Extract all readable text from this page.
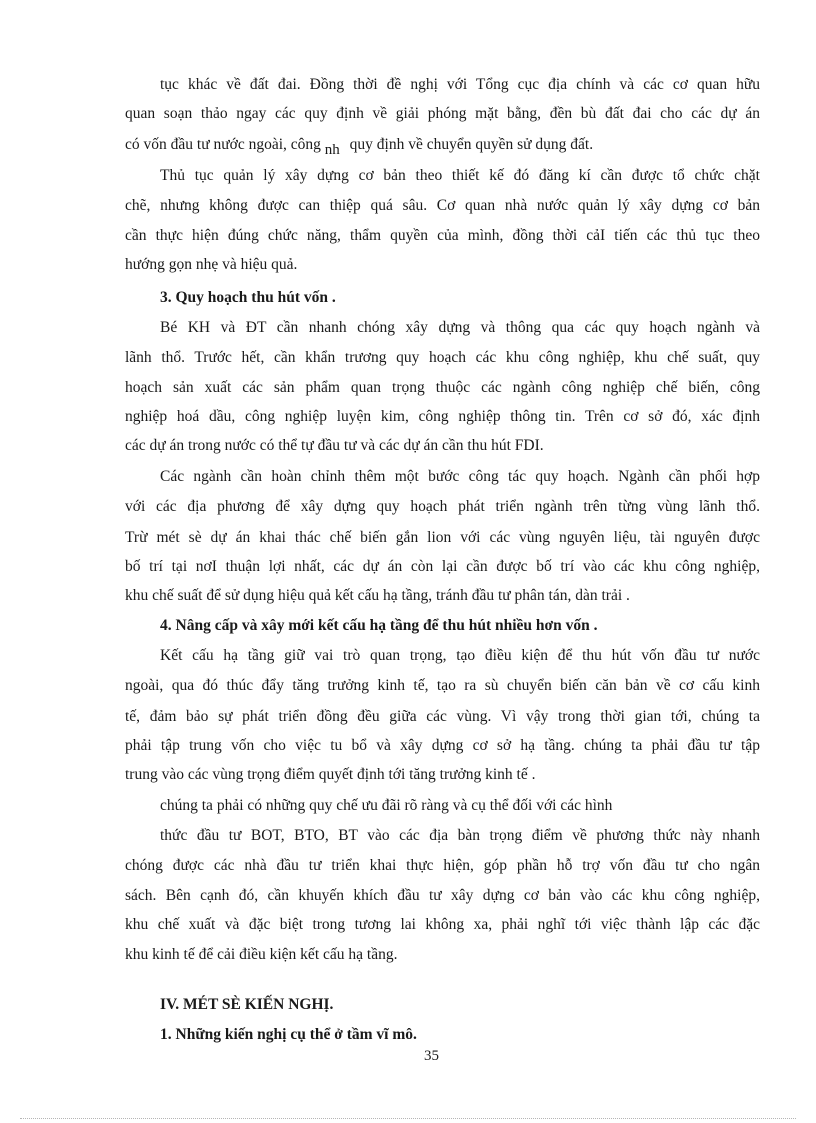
tục khác về đất đai. Đồng thời đề nghị với Tổng cục địa chính và các cơ quan hữu
quan soạn thảo ngay các quy định về giải phóng mặt bằng, đền bù đất đai cho các dự án
có vốn đầu tư nước ngoài, công nh quy định về chuyển quyền sử dụng đất.
Thủ tục quản lý xây dựng cơ bản theo thiết kế đó đăng kí cần được tổ chức chặt
chẽ, nhưng không được can thiệp quá sâu. Cơ quan nhà nước quản lý xây dựng cơ bản
cần thực hiện đúng chức năng, thẩm quyền của mình, đồng thời cảI tiến các thủ tục theo
hướng gọn nhẹ và hiệu quả.
3. Quy hoạch thu hút vốn .
Bé KH và ĐT cần nhanh chóng xây dựng và thông qua các quy hoạch ngành và
lãnh thổ. Trước hết, cần khẩn trương quy hoạch các khu công nghiệp, khu chế suất, quy
hoạch sản xuất các sản phẩm quan trọng thuộc các ngành công nghiệp chế biến, công
nghiệp hoá dầu, công nghiệp luyện kim, công nghiệp thông tin. Trên cơ sở đó, xác định
các dự án trong nước có thể tự đầu tư và các dự án cần thu hút FDI.
Các ngành cần hoàn chỉnh thêm một bước công tác quy hoạch. Ngành cần phối hợp
với các địa phương để xây dựng quy hoạch phát triển ngành trên từng vùng lãnh thổ.
Trừ mét sè dự án khai thác chế biến gắn lion với các vùng nguyên liệu, tài nguyên được
bố trí tại nơI thuận lợi nhất, các dự án còn lại cần được bố trí vào các khu công nghiệp,
khu chế suất để sử dụng hiệu quả kết cấu hạ tầng, tránh đầu tư phân tán, dàn trải .
4. Nâng cấp và xây mới kết cấu hạ tầng để thu hút nhiều hơn vốn .
Kết cấu hạ tầng giữ vai trò quan trọng, tạo điều kiện để thu hút vốn đầu tư nước
ngoài, qua đó thúc đẩy tăng trưởng kinh tế, tạo ra sù chuyển biến căn bản về cơ cấu kinh
tế, đảm bảo sự phát triển đồng đều giữa các vùng. Vì vậy trong thời gian tới, chúng ta
phải tập trung vốn cho việc tu bổ và xây dựng cơ sở hạ tầng. chúng ta phải đầu tư tập
trung vào các vùng trọng điểm quyết định tới tăng trưởng kinh tế .
chúng ta phải có những quy chế ưu đãi rõ ràng và cụ thể đối với các hình
thức đầu tư BOT, BTO, BT vào các địa bàn trọng điểm về phương thức này nhanh
chóng được các nhà đầu tư triển khai thực hiện, góp phần hỗ trợ vốn đầu tư cho ngân
sách. Bên cạnh đó, cần khuyến khích đầu tư xây dựng cơ bản vào các khu công nghiệp,
khu chế xuất và đặc biệt trong tương lai không xa, phải nghĩ tới việc thành lập các đặc
khu kinh tế để cải điều kiện kết cấu hạ tầng.
IV. MÉT SÈ KIẾN NGHỊ.
1. Những kiến nghị cụ thể ở tầm vĩ mô.
35
